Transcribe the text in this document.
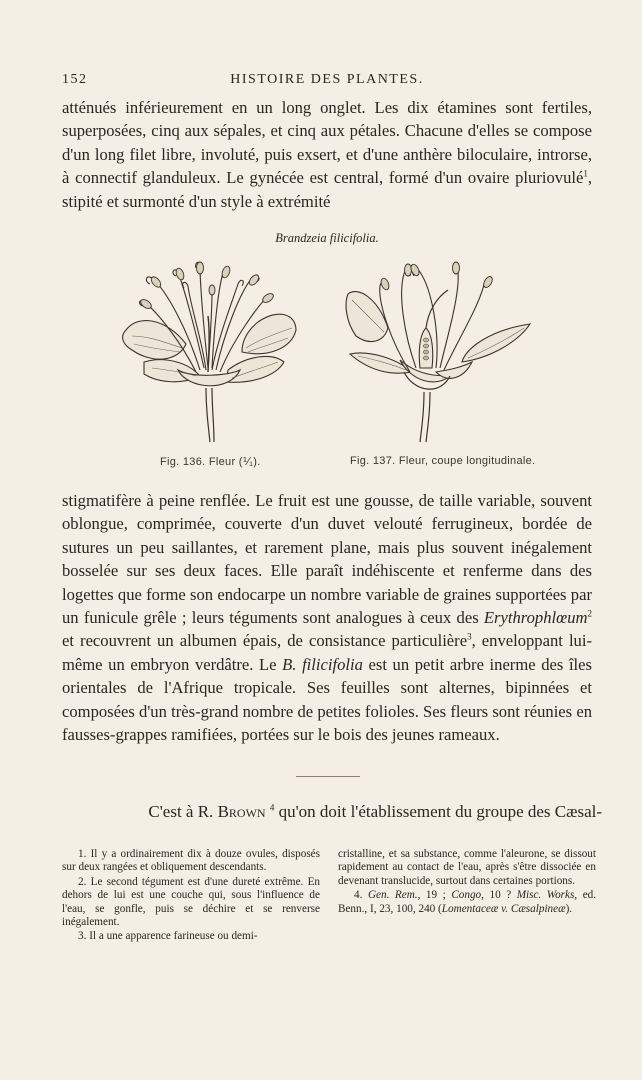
152	HISTOIRE DES PLANTES.

atténués inférieurement en un long onglet. Les dix étamines sont fertiles, superposées, cinq aux sépales, et cinq aux pétales. Chacune d'elles se compose d'un long filet libre, involuté, puis exsert, et d'une anthère biloculaire, introrse, à connectif glanduleux. Le gynécée est central, formé d'un ovaire pluriovulé$^1$, stipité et surmonté d'un style à extrémité

Brandzeia filicifolia.
Fig. 136. Fleur (⅟₁).	Fig. 137. Fleur, coupe longitudinale.

stigmatifère à peine renflée. Le fruit est une gousse, de taille variable, souvent oblongue, comprimée, couverte d'un duvet velouté ferrugineux, bordée de sutures un peu saillantes, et rarement plane, mais plus souvent inégalement bosselée sur ses deux faces. Elle paraît indéhiscente et renferme dans des logettes que forme son endocarpe un nombre variable de graines supportées par un funicule grêle ; leurs téguments sont analogues à ceux des Erythrophlœum$^2$ et recouvrent un albumen épais, de consistance particulière$^3$, enveloppant lui-même un embryon verdâtre. Le B. filicifolia est un petit arbre inerme des îles orientales de l'Afrique tropicale. Ses feuilles sont alternes, bipinnées et composées d'un très-grand nombre de petites folioles. Ses fleurs sont réunies en fausses-grappes ramifiées, portées sur le bois des jeunes rameaux.

C'est à R. Brown $^4$ qu'on doit l'établissement du groupe des Cæsal-

1. Il y a ordinairement dix à douze ovules, disposés sur deux rangées et obliquement descendants.

2. Le second tégument est d'une dureté extrême. En dehors de lui est une couche qui, sous l'influence de l'eau, se gonfle, puis se déchire et se renverse inégalement.

3. Il a une apparence farineuse ou demi-

cristalline, et sa substance, comme l'aleurone, se dissout rapidement au contact de l'eau, après s'être dissociée en devenant translucide, surtout dans certaines portions.

4. Gen. Rem., 19 ; Congo, 10 ? Misc. Works, ed. Benn., I, 23, 100, 240 (Lomentaceæ v. Cæsalpineæ).
